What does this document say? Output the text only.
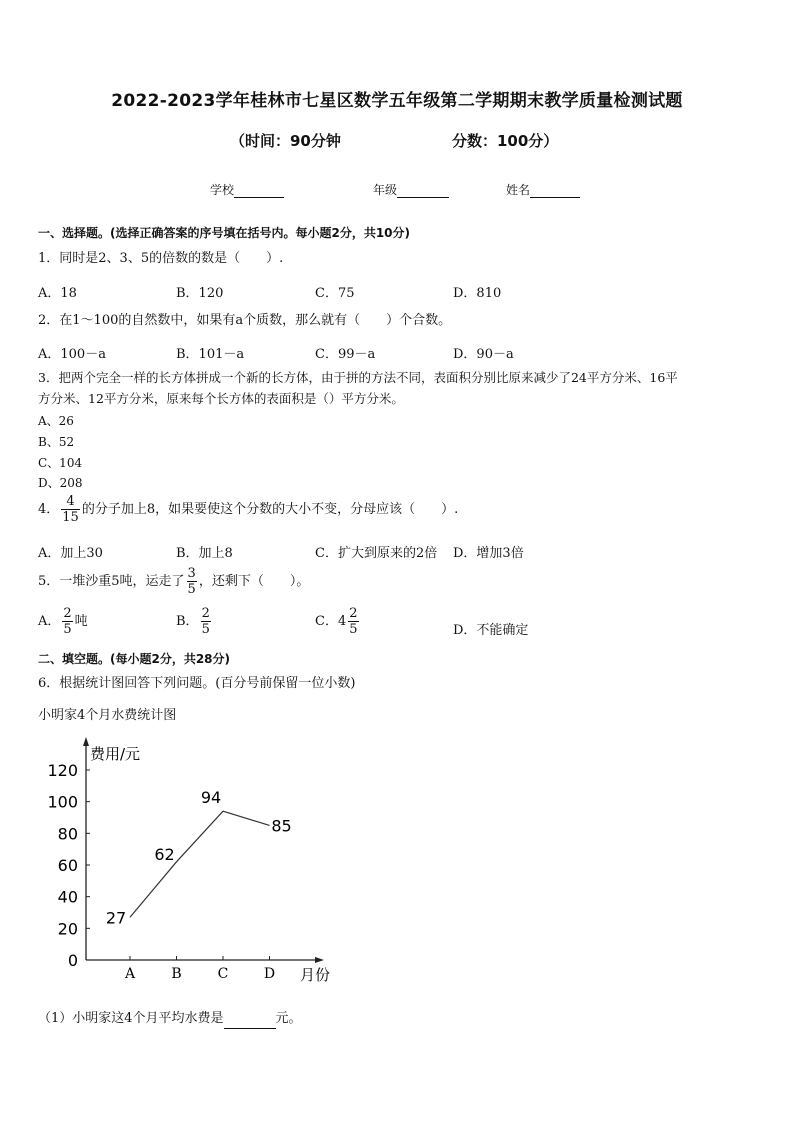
2022-2023学年桂林市七星区数学五年级第二学期期末教学质量检测试题
（时间：90分钟	分数：100分）
学校	年级	姓名
一、选择题。(选择正确答案的序号填在括号内。每小题2分，共10分)
1．同时是2、3、5的倍数的数是（　　）.
A．18	B．120	C．75	D．810
2．在1～100的自然数中，如果有a个质数，那么就有（　　）个合数。
A．100－a	B．101－a	C．99－a	D．90－a
3．把两个完全一样的长方体拼成一个新的长方体，由于拼的方法不同，表面积分别比原来减少了24平方分米、16平
方分米、12平方分米，原来每个长方体的表面积是（）平方分米。
A、26
B、52
C、104
D、208
4． $\frac{4}{15}$ 的分子加上8，如果要使这个分数的大小不变，分母应该（　　）.
A．加上30	B．加上8	C．扩大到原来的2倍 D．增加3倍
5．一堆沙重5吨，运走了 $\frac{3}{5}$ ，还剩下（　　）。
A． $\frac{2}{5}$ 吨	B． $\frac{2}{5}$	C．$4 \frac{2}{5}$	D．不能确定
二、填空题。(每小题2分，共28分)
6．根据统计图回答下列问题。(百分号前保留一位小数)
小明家4个月水费统计图
费用/元
月份
0
20
40
60
80
100
120
A	B	C	D
27
62
94
85
（1）小明家这4个月平均水费是	元。
